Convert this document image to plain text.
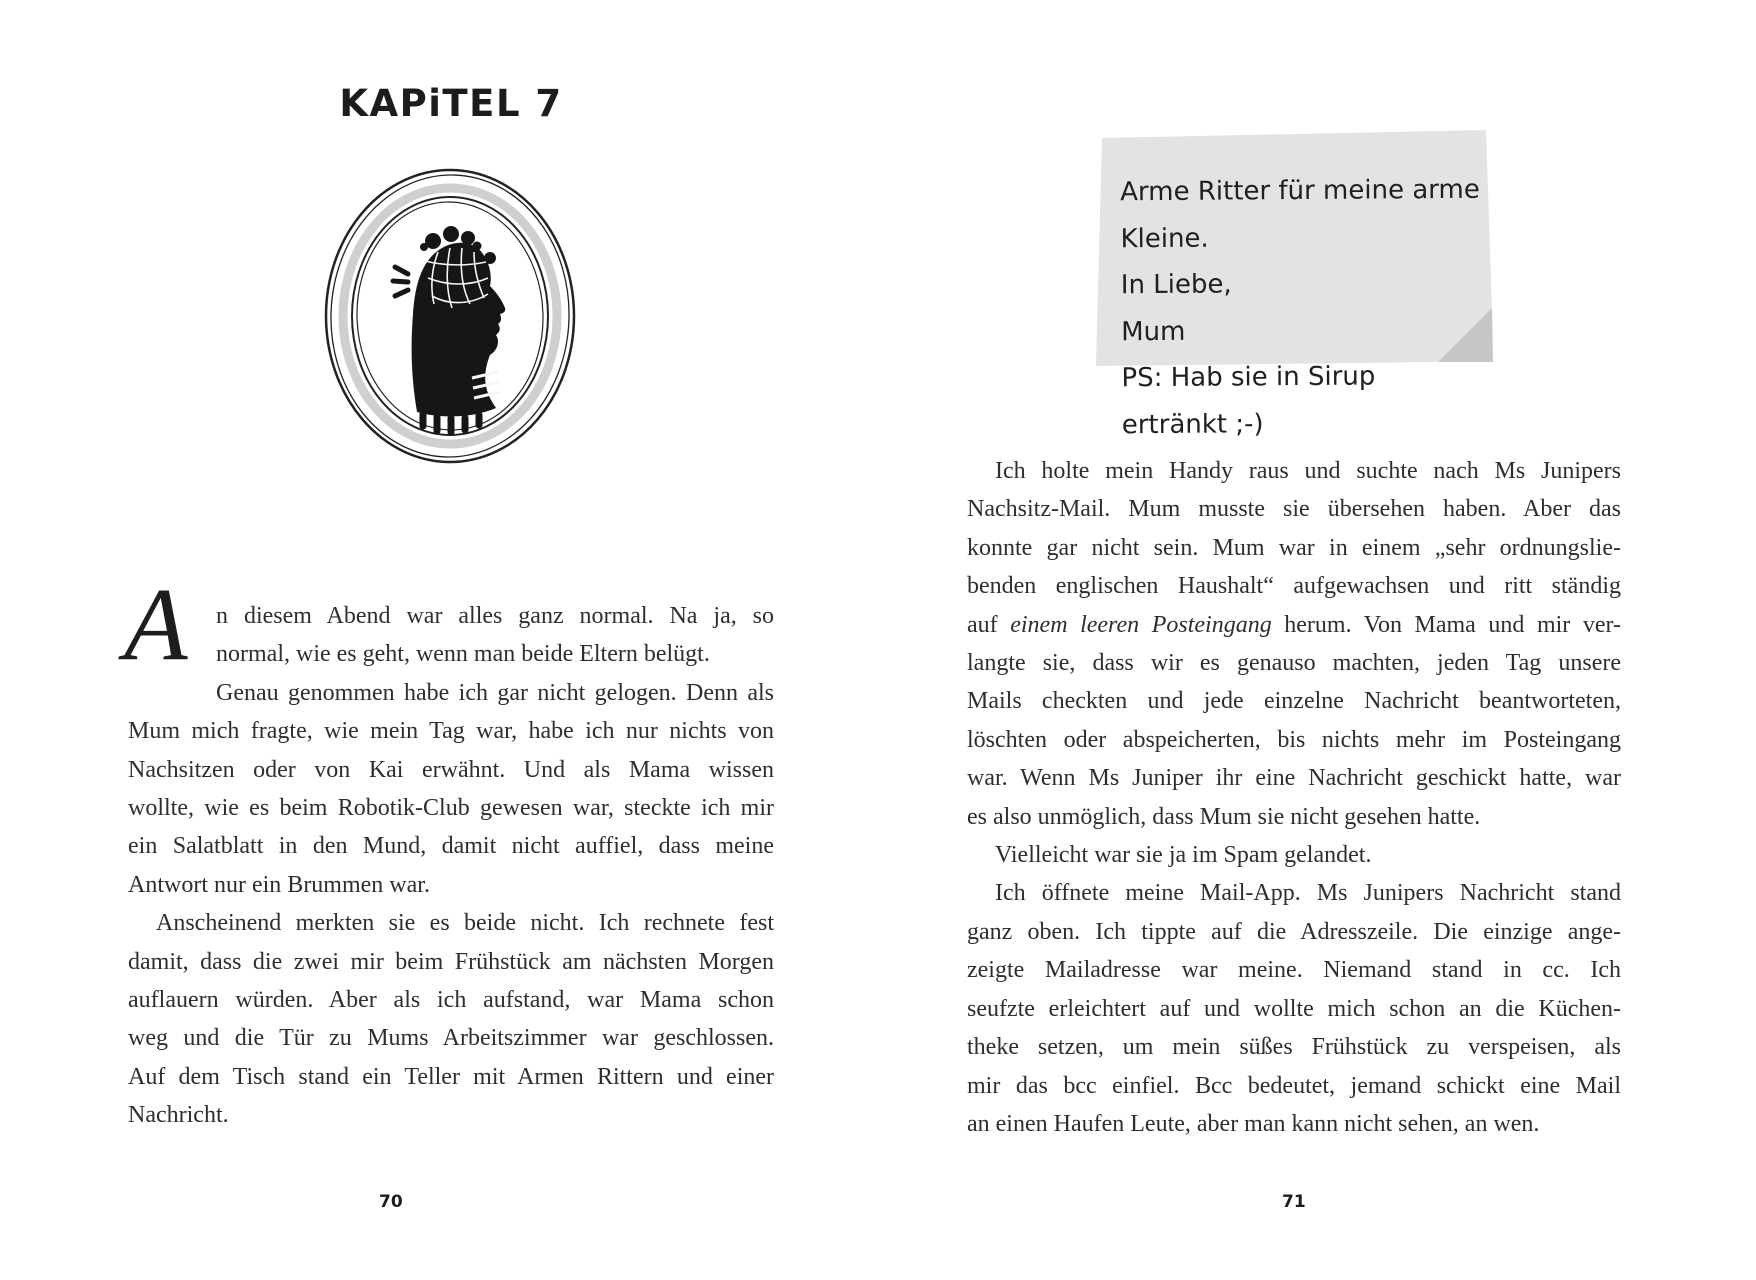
KAPiTEL 7
A	n diesem Abend war alles ganz normal. Na ja, so
normal, wie es geht, wenn man beide Eltern belügt.
Genau genommen habe ich gar nicht gelogen. Denn als
Mum mich fragte, wie mein Tag war, habe ich nur nichts von
Nachsitzen oder von Kai erwähnt. Und als Mama wissen
wollte, wie es beim Robotik-Club gewesen war, steckte ich mir
ein Salatblatt in den Mund, damit nicht auffiel, dass meine
Antwort nur ein Brummen war.
Anscheinend merkten sie es beide nicht. Ich rechnete fest
damit, dass die zwei mir beim Frühstück am nächsten Morgen
auflauern würden. Aber als ich aufstand, war Mama schon
weg und die Tür zu Mums Arbeitszimmer war geschlossen.
Auf dem Tisch stand ein Teller mit Armen Rittern und einer
Nachricht.
70
Arme Ritter für meine arme Kleine.
In Liebe,
Mum
PS: Hab sie in Sirup ertränkt ;-)
Ich holte mein Handy raus und suchte nach Ms Junipers
Nachsitz-Mail. Mum musste sie übersehen haben. Aber das
konnte gar nicht sein. Mum war in einem „sehr ordnungslie-
benden englischen Haushalt“ aufgewachsen und ritt ständig
auf einem leeren Posteingang herum. Von Mama und mir ver-
langte sie, dass wir es genauso machten, jeden Tag unsere
Mails checkten und jede einzelne Nachricht beantworteten,
löschten oder abspeicherten, bis nichts mehr im Posteingang
war. Wenn Ms Juniper ihr eine Nachricht geschickt hatte, war
es also unmöglich, dass Mum sie nicht gesehen hatte.
Vielleicht war sie ja im Spam gelandet.
Ich öffnete meine Mail-App. Ms Junipers Nachricht stand
ganz oben. Ich tippte auf die Adresszeile. Die einzige ange-
zeigte Mailadresse war meine. Niemand stand in cc. Ich
seufzte erleichtert auf und wollte mich schon an die Küchen-
theke setzen, um mein süßes Frühstück zu verspeisen, als
mir das bcc einfiel. Bcc bedeutet, jemand schickt eine Mail
an einen Haufen Leute, aber man kann nicht sehen, an wen.
71
